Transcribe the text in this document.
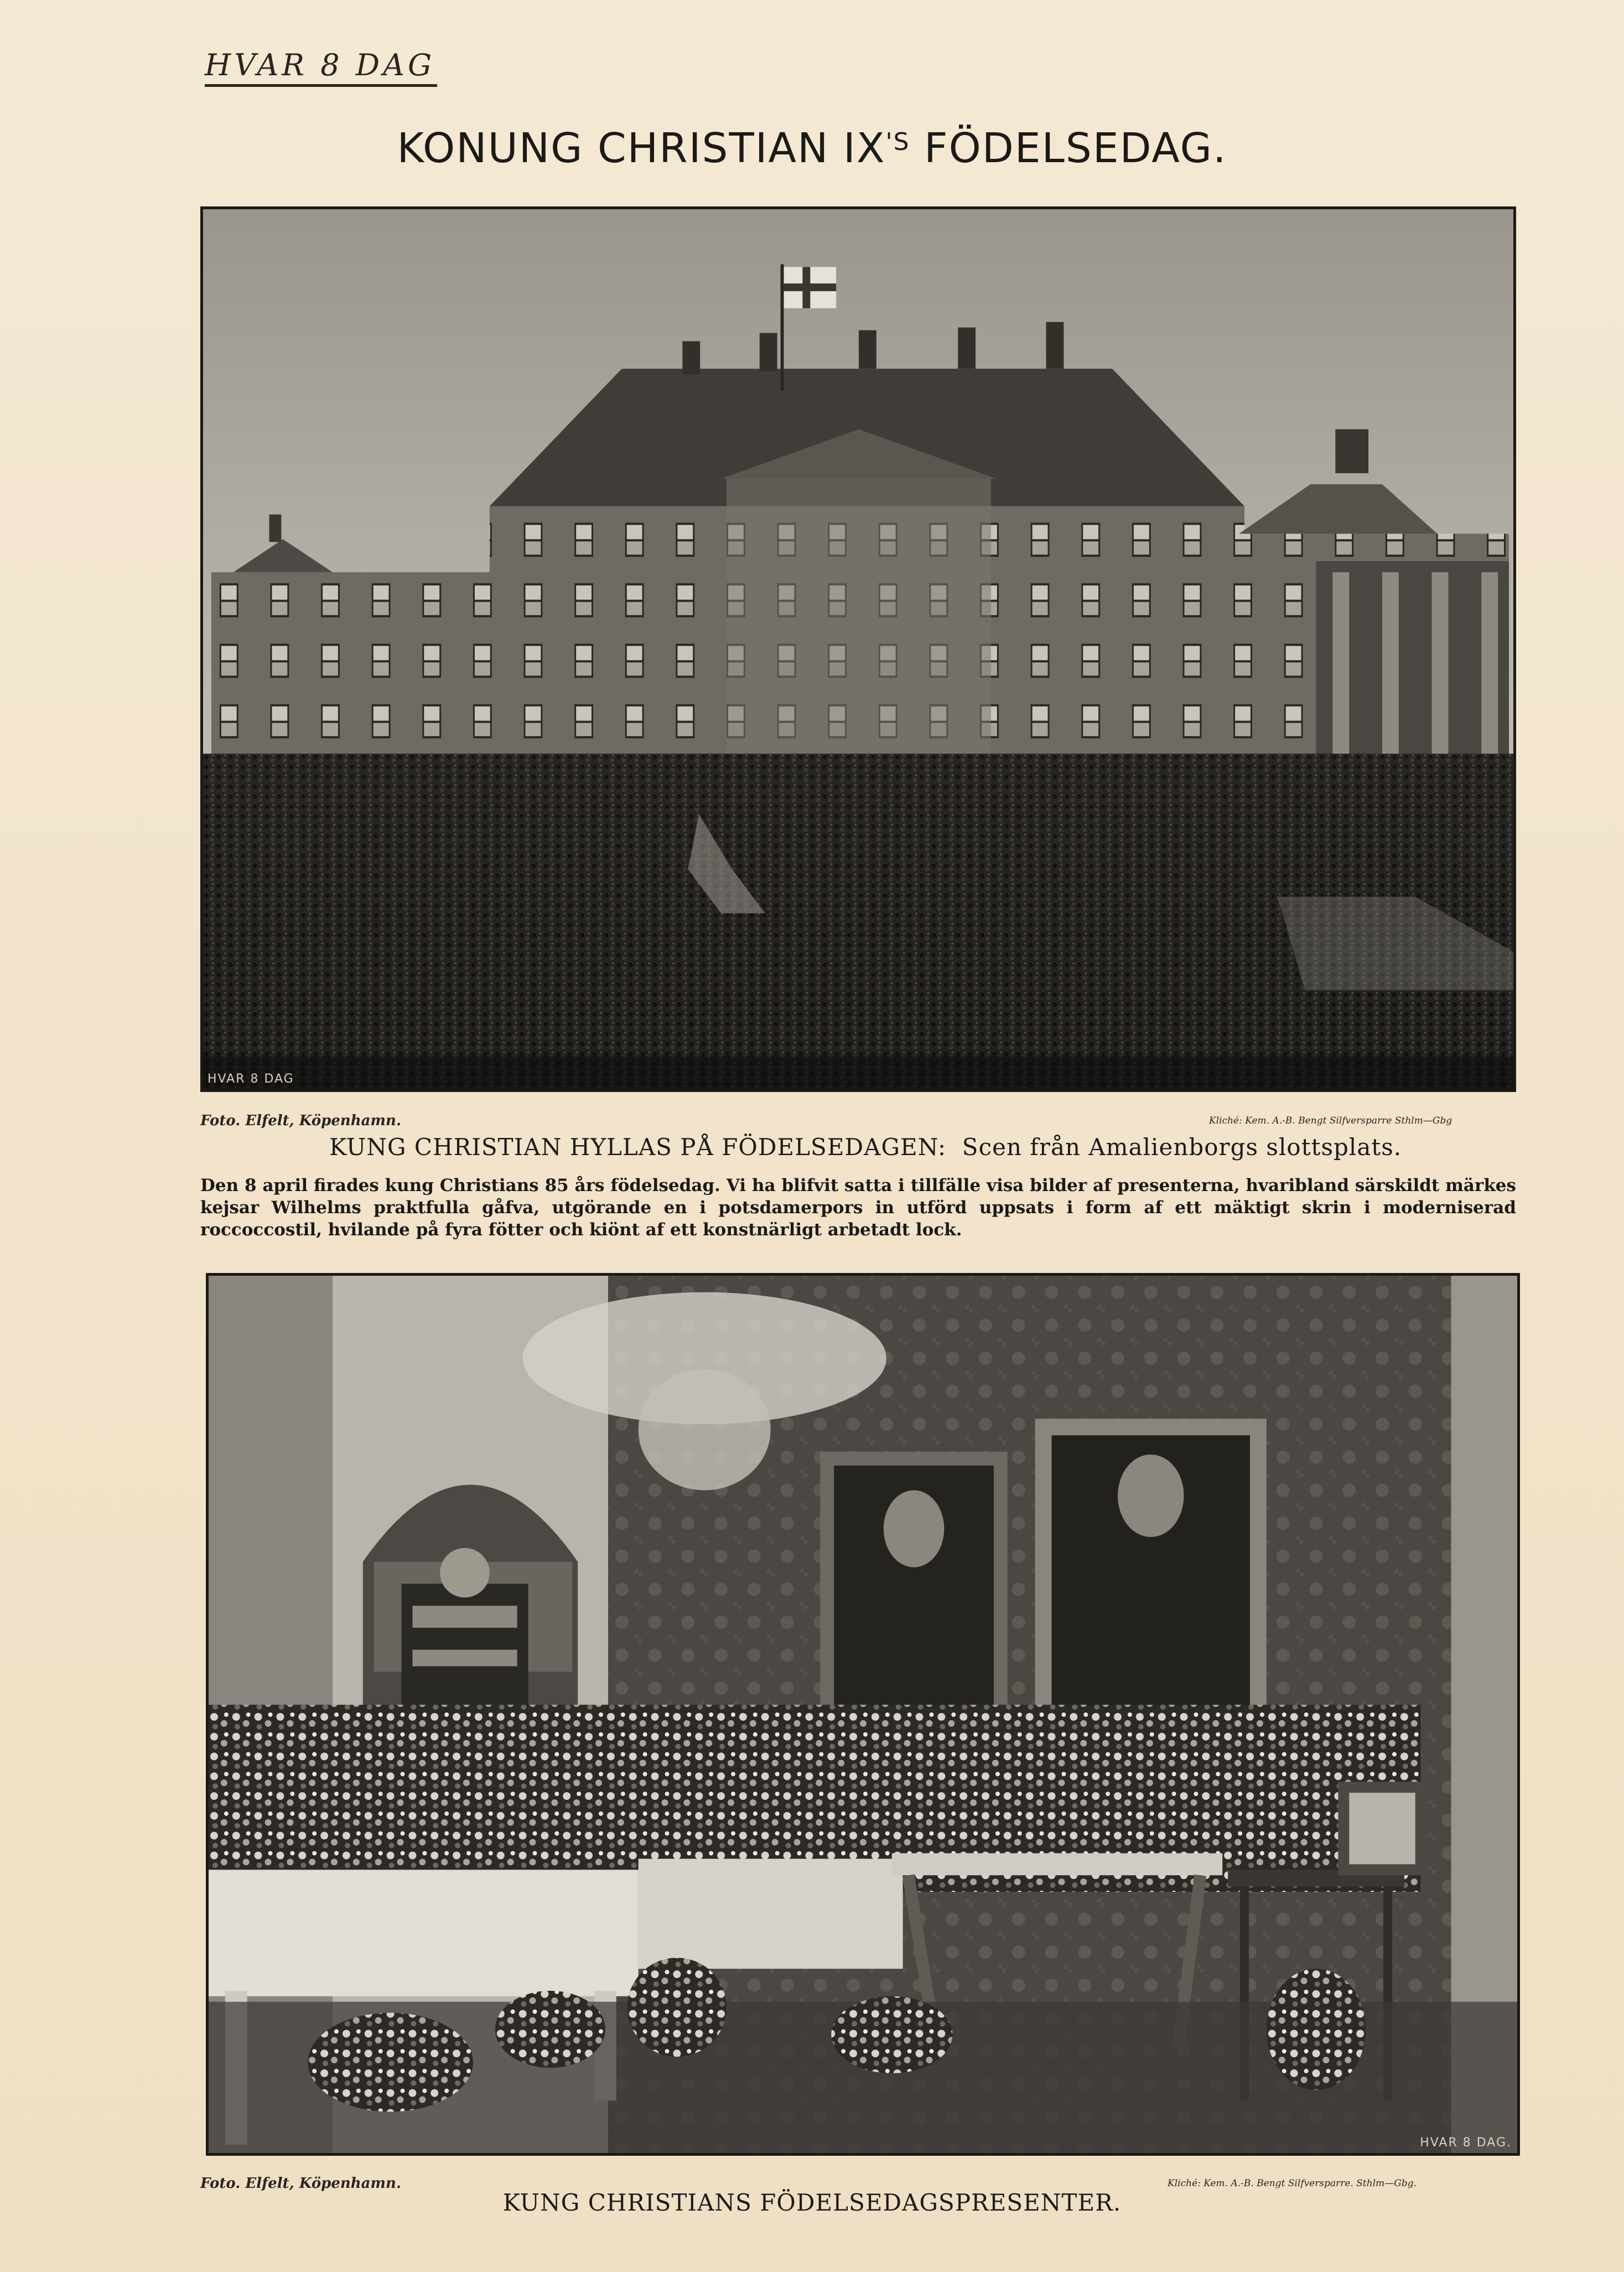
HVAR 8 DAG
KONUNG CHRISTIAN $IX^{'S}$ FÖDELSEDAG.
HVAR 8 DAG
Foto. Elfelt, Köpenhamn.	Kliché: Kem. A.-B. Bengt Silfversparre Sthlm—Gbg
KUNG CHRISTIAN HYLLAS PÅ FÖDELSEDAGEN: Scen från Amalienborgs slottsplats.
Den 8 april firades kung Christians 85 års födelsedag. Vi ha blifvit satta i tillfälle visa bilder af presenterna, hvaribland särskildt märkes kejsar Wilhelms praktfulla gåfva, utgörande en i potsdamerpors in utförd uppsats i form af ett mäktigt skrin i moderniserad roccoccostil, hvilande på fyra fötter och kiönt af ett konstnärligt arbetadt lock.
HVAR 8 DAG.
Foto. Elfelt, Köpenhamn.	Kliché: Kem. A.-B. Bengt Silfversparre. Sthlm—Gbg.
KUNG CHRISTIANS FÖDELSEDAGSPRESENTER.
